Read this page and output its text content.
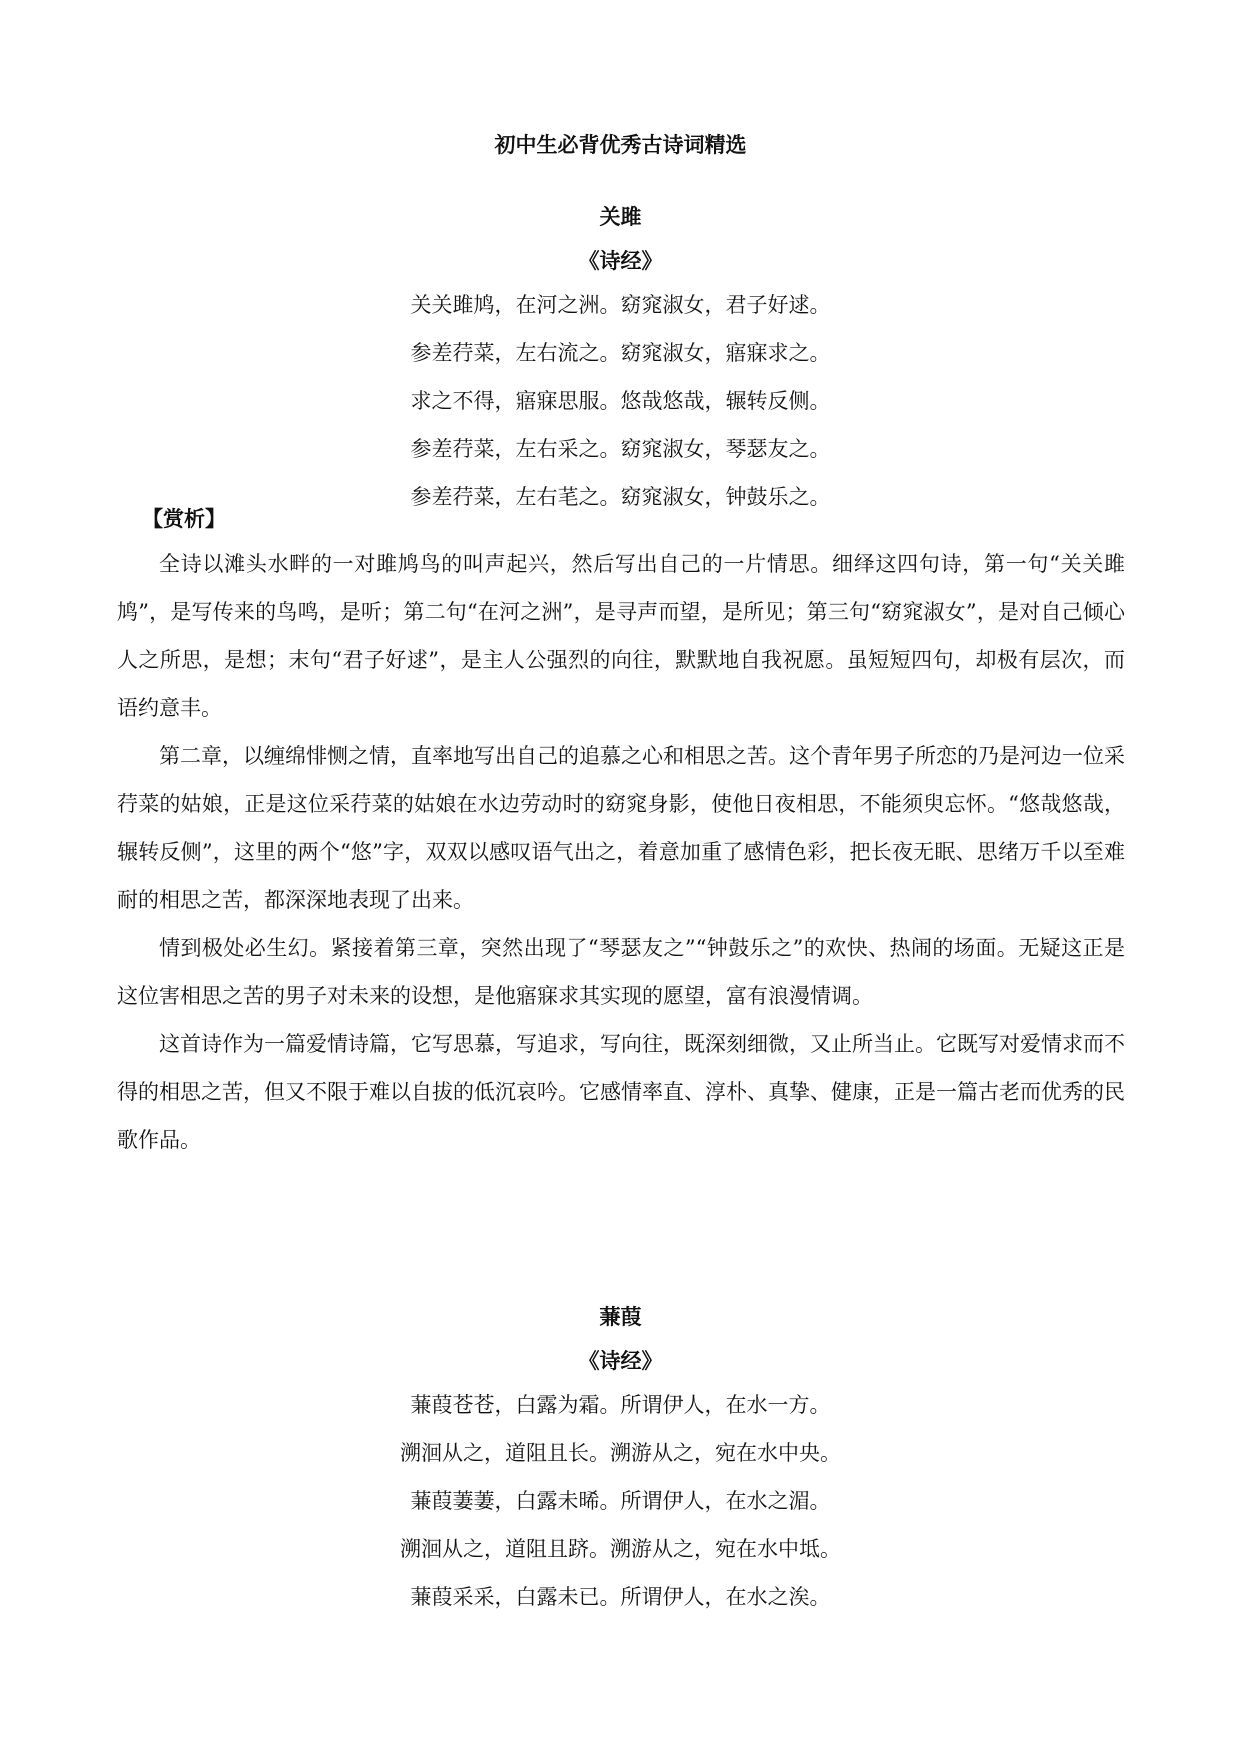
初中生必背优秀古诗词精选
关雎

《诗经》

关关雎鸠，在河之洲。窈窕淑女，君子好逑。

参差荇菜，左右流之。窈窕淑女，寤寐求之。

求之不得，寤寐思服。悠哉悠哉，辗转反侧。

参差荇菜，左右采之。窈窕淑女，琴瑟友之。

参差荇菜，左右芼之。窈窕淑女，钟鼓乐之。

【赏析】

全诗以滩头水畔的一对雎鸠鸟的叫声起兴，然后写出自己的一片情思。细绎这四句诗，第一句“关关雎鸠”，是写传来的鸟鸣，是听；第二句“在河之洲”，是寻声而望，是所见；第三句“窈窕淑女”，是对自己倾心人之所思，是想；末句“君子好逑”，是主人公强烈的向往，默默地自我祝愿。虽短短四句，却极有层次，而语约意丰。

第二章，以缠绵悱恻之情，直率地写出自己的追慕之心和相思之苦。这个青年男子所恋的乃是河边一位采荇菜的姑娘，正是这位采荇菜的姑娘在水边劳动时的窈窕身影，使他日夜相思，不能须臾忘怀。“悠哉悠哉，辗转反侧”，这里的两个“悠”字，双双以感叹语气出之，着意加重了感情色彩，把长夜无眠、思绪万千以至难耐的相思之苦，都深深地表现了出来。

情到极处必生幻。紧接着第三章，突然出现了“琴瑟友之”“钟鼓乐之”的欢快、热闹的场面。无疑这正是这位害相思之苦的男子对未来的设想，是他寤寐求其实现的愿望，富有浪漫情调。

这首诗作为一篇爱情诗篇，它写思慕，写追求，写向往，既深刻细微，又止所当止。它既写对爱情求而不得的相思之苦，但又不限于难以自拔的低沉哀吟。它感情率直、淳朴、真挚、健康，正是一篇古老而优秀的民歌作品。

蒹葭

《诗经》

蒹葭苍苍，白露为霜。所谓伊人，在水一方。

溯洄从之，道阻且长。溯游从之，宛在水中央。

蒹葭萋萋，白露未晞。所谓伊人，在水之湄。

溯洄从之，道阻且跻。溯游从之，宛在水中坻。

蒹葭采采，白露未已。所谓伊人，在水之涘。
